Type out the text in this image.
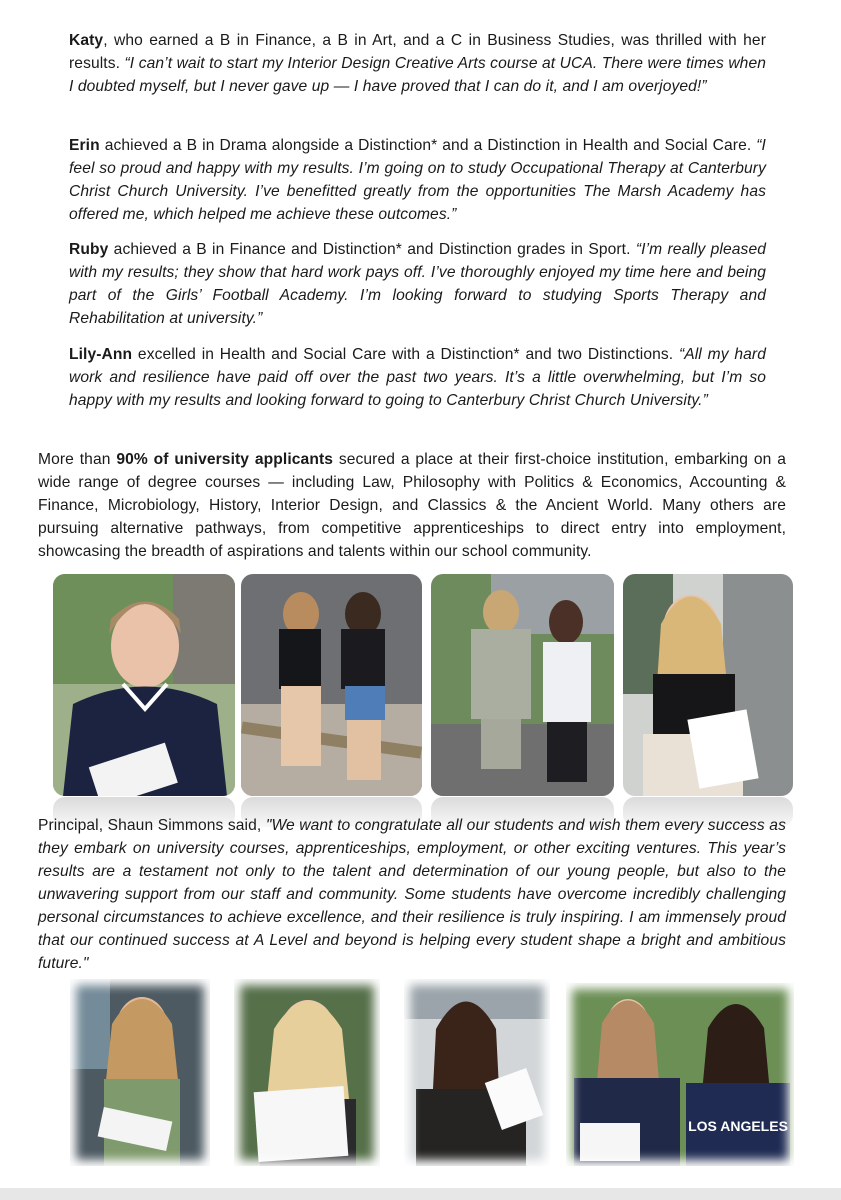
Katy, who earned a B in Finance, a B in Art, and a C in Business Studies, was thrilled with her results. “I can’t wait to start my Interior Design Creative Arts course at UCA. There were times when I doubted myself, but I never gave up — I have proved that I can do it, and I am overjoyed!”

Erin achieved a B in Drama alongside a Distinction* and a Distinction in Health and Social Care. “I feel so proud and happy with my results. I’m going on to study Occupational Therapy at Canterbury Christ Church University. I’ve benefitted greatly from the opportunities The Marsh Academy has offered me, which helped me achieve these outcomes.”

Ruby achieved a B in Finance and Distinction* and Distinction grades in Sport. “I’m really pleased with my results; they show that hard work pays off. I’ve thoroughly enjoyed my time here and being part of the Girls’ Football Academy. I’m looking forward to studying Sports Therapy and Rehabilitation at university.”

Lily-Ann excelled in Health and Social Care with a Distinction* and two Distinctions. “All my hard work and resilience have paid off over the past two years. It’s a little overwhelming, but I’m so happy with my results and looking forward to going to Canterbury Christ Church University.”

More than 90% of university applicants secured a place at their first-choice institution, embarking on a wide range of degree courses — including Law, Philosophy with Politics & Economics, Accounting & Finance, Microbiology, History, Interior Design, and Classics & the Ancient World. Many others are pursuing alternative pathways, from competitive apprenticeships to direct entry into employment, showcasing the breadth of aspirations and talents within our school community.

Principal, Shaun Simmons said, "We want to congratulate all our students and wish them every success as they embark on university courses, apprenticeships, employment, or other exciting ventures. This year’s results are a testament not only to the talent and determination of our young people, but also to the unwavering support from our staff and community. Some students have overcome incredibly challenging personal circumstances to achieve excellence, and their resilience is truly inspiring. I am immensely proud that our continued success at A Level and beyond is helping every student shape a bright and ambitious future."

LOS ANGELES
